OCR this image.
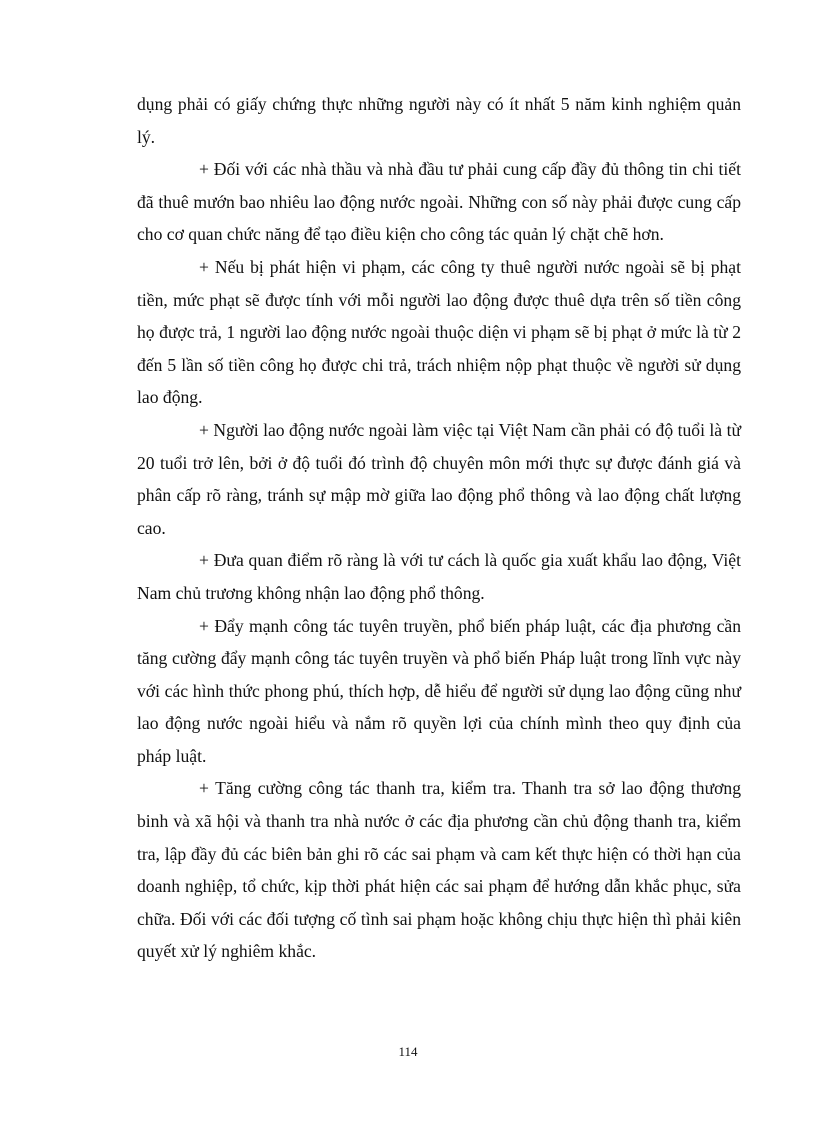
dụng phải có giấy chứng thực những người này có ít nhất 5 năm kinh nghiệm quản lý.

+ Đối với các nhà thầu và nhà đầu tư phải cung cấp đầy đủ thông tin chi tiết đã thuê mướn bao nhiêu lao động nước ngoài. Những con số này phải được cung cấp cho cơ quan chức năng để tạo điều kiện cho công tác quản lý chặt chẽ hơn.

+ Nếu bị phát hiện vi phạm, các công ty thuê người nước ngoài sẽ bị phạt tiền, mức phạt sẽ được tính với mỗi người lao động được thuê dựa trên số tiền công họ được trả, 1 người lao động nước ngoài thuộc diện vi phạm sẽ bị phạt ở mức là từ 2 đến 5 lần số tiền công họ được chi trả, trách nhiệm nộp phạt thuộc về người sử dụng lao động.

+ Người lao động nước ngoài làm việc tại Việt Nam cần phải có độ tuổi là từ 20 tuổi trở lên, bởi ở độ tuổi đó trình độ chuyên môn mới thực sự được đánh giá và phân cấp rõ ràng, tránh sự mập mờ giữa lao động phổ thông và lao động chất lượng cao.

+ Đưa quan điểm rõ ràng là với tư cách là quốc gia xuất khẩu lao động, Việt Nam chủ trương không nhận lao động phổ thông.

+ Đẩy mạnh công tác tuyên truyền, phổ biến pháp luật, các địa phương cần tăng cường đẩy mạnh công tác tuyên truyền và phổ biến Pháp luật trong lĩnh vực này với các hình thức phong phú, thích hợp, dễ hiểu để người sử dụng lao động cũng như lao động nước ngoài hiểu và nắm rõ quyền lợi của chính mình theo quy định của pháp luật.

+ Tăng cường công tác thanh tra, kiểm tra. Thanh tra sở lao động thương binh và xã hội và thanh tra nhà nước ở các địa phương cần chủ động thanh tra, kiểm tra, lập đầy đủ các biên bản ghi rõ các sai phạm và cam kết thực hiện có thời hạn của doanh nghiệp, tổ chức, kịp thời phát hiện các sai phạm để hướng dẫn khắc phục, sửa chữa. Đối với các đối tượng cố tình sai phạm hoặc không chịu thực hiện thì phải kiên quyết xử lý nghiêm khắc.

114
